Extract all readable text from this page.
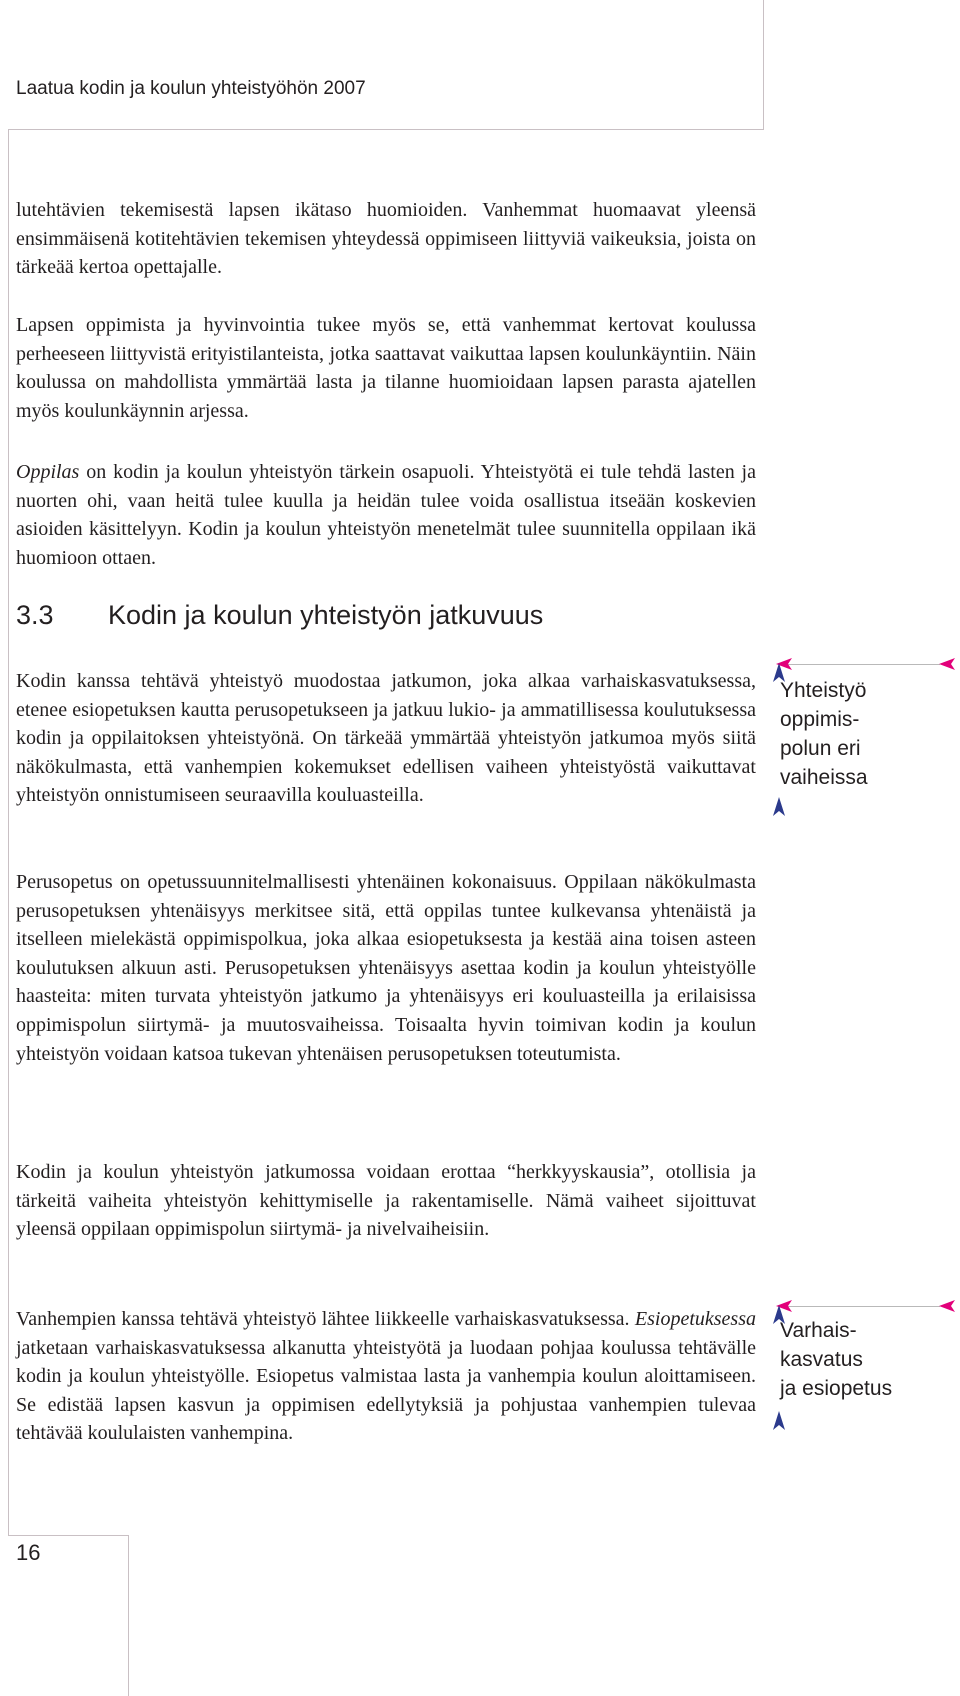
Laatua kodin ja koulun yhteistyöhön 2007

lutehtävien tekemisestä lapsen ikätaso huomioiden. Vanhemmat huomaavat yleensä ensimmäisenä kotitehtävien tekemisen yhteydessä oppimiseen liittyviä vaikeuksia, joista on tärkeää kertoa opettajalle.

Lapsen oppimista ja hyvinvointia tukee myös se, että vanhemmat kertovat koulussa perheeseen liittyvistä erityistilanteista, jotka saattavat vaikuttaa lapsen koulunkäyntiin. Näin koulussa on mahdollista ymmärtää lasta ja tilanne huomioidaan lapsen parasta ajatellen myös koulunkäynnin arjessa.

Oppilas on kodin ja koulun yhteistyön tärkein osapuoli. Yhteistyötä ei tule tehdä lasten ja nuorten ohi, vaan heitä tulee kuulla ja heidän tulee voida osallistua itseään koskevien asioiden käsittelyyn. Kodin ja koulun yhteistyön menetelmät tulee suunnitella oppilaan ikä huomioon ottaen.

3.3 Kodin ja koulun yhteistyön jatkuvuus

Kodin kanssa tehtävä yhteistyö muodostaa jatkumon, joka alkaa varhaiskasvatuksessa, etenee esiopetuksen kautta perusopetukseen ja jatkuu lukio- ja ammatillisessa koulutuksessa kodin ja oppilaitoksen yhteistyönä. On tärkeää ymmärtää yhteistyön jatkumoa myös siitä näkökulmasta, että vanhempien kokemukset edellisen vaiheen yhteistyöstä vaikuttavat yhteistyön onnistumiseen seuraavilla kouluasteilla.

Perusopetus on opetussuunnitelmallisesti yhtenäinen kokonaisuus. Oppilaan näkökulmasta perusopetuksen yhtenäisyys merkitsee sitä, että oppilas tuntee kulkevansa yhtenäistä ja itselleen mielekästä oppimispolkua, joka alkaa esiopetuksesta ja kestää aina toisen asteen koulutuksen alkuun asti. Perusopetuksen yhtenäisyys asettaa kodin ja koulun yhteistyölle haasteita: miten turvata yhteistyön jatkumo ja yhtenäisyys eri kouluasteilla ja erilaisissa oppimispolun siirtymä- ja muutosvaiheissa. Toisaalta hyvin toimivan kodin ja koulun yhteistyön voidaan katsoa tukevan yhtenäisen perusopetuksen toteutumista.

Kodin ja koulun yhteistyön jatkumossa voidaan erottaa “herkkyyskausia”, otollisia ja tärkeitä vaiheita yhteistyön kehittymiselle ja rakentamiselle. Nämä vaiheet sijoittuvat yleensä oppilaan oppimispolun siirtymä- ja nivelvaiheisiin.

Vanhempien kanssa tehtävä yhteistyö lähtee liikkeelle varhaiskasvatuksessa. Esiopetuksessa jatketaan varhaiskasvatuksessa alkanutta yhteistyötä ja luodaan pohjaa koulussa tehtävälle kodin ja koulun yhteistyölle. Esiopetus valmistaa lasta ja vanhempia koulun aloittamiseen. Se edistää lapsen kasvun ja oppimisen edellytyksiä ja pohjustaa vanhempien tulevaa tehtävää koululaisten vanhempina.

Yhteistyö
oppimis-
polun eri
vaiheissa
Varhais-
kasvatus
ja esiopetus
16
